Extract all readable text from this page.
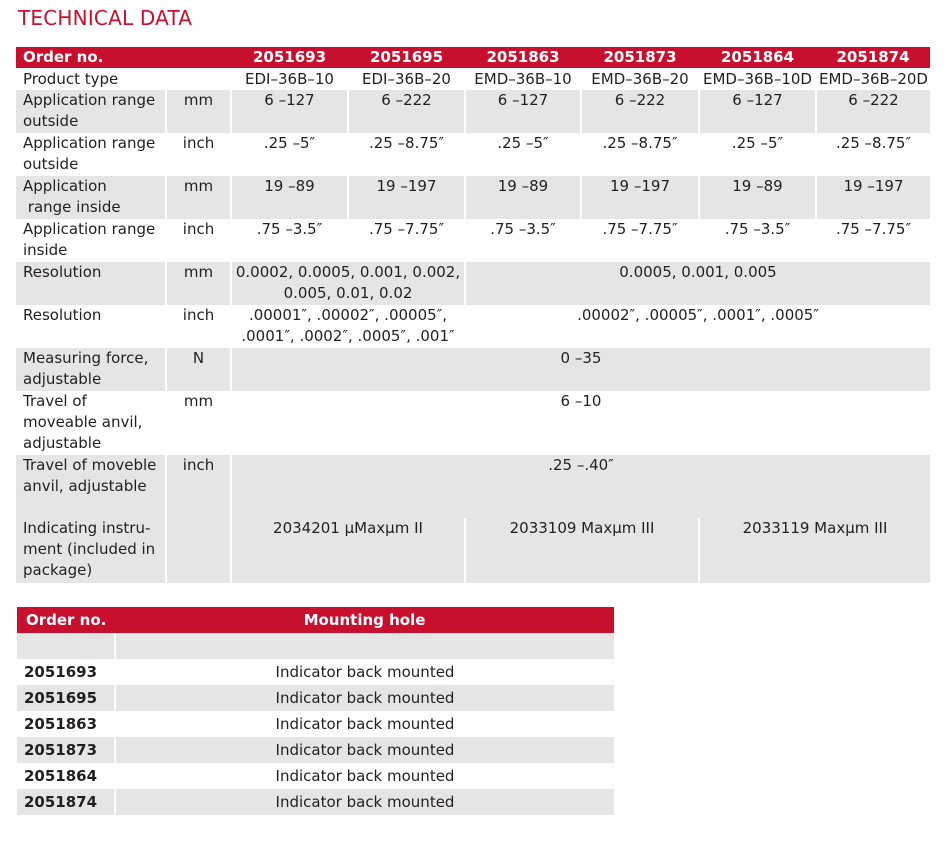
TECHNICAL DATA
Order no.		2051693	2051695	2051863	2051873	2051864	2051874
Product type		EDI–36B–10	EDI–36B–20	EMD–36B–10	EMD–36B–20	EMD–36B–10D	EMD–36B–20D
Application range outside	mm	6 –127	6 –222	6 –127	6 –222	6 –127	6 –222
Application range outside	inch	.25 –5″	.25 –8.75″	.25 –5″	.25 –8.75″	.25 –5″	.25 –8.75″
Application
range inside	mm	19 –89	19 –197	19 –89	19 –197	19 –89	19 –197
Application range inside	inch	.75 –3.5″	.75 –7.75″	.75 –3.5″	.75 –7.75″	.75 –3.5″	.75 –7.75″
Resolution	mm	0.0002, 0.0005, 0.001, 0.002, 0.005, 0.01, 0.02		0.0005, 0.001, 0.005			
Resolution	inch	.00001″, .00002″, .00005″, .0001″, .0002″, .0005″, .001″		.00002″, .00005″, .0001″, .0005″			
Measuring force, adjustable	N	0 –35					
Travel of moveable anvil, adjustable	mm	6 –10					
Travel of moveble anvil, adjustable	inch	.25 –.40″					
Indicating instru- ment (included in package)		2034201 µMaxµm II		2033109 Maxµm III		2033119 Maxµm III	
Order no.	Mounting hole

2051693	Indicator back mounted
2051695	Indicator back mounted
2051863	Indicator back mounted
2051873	Indicator back mounted
2051864	Indicator back mounted
2051874	Indicator back mounted
